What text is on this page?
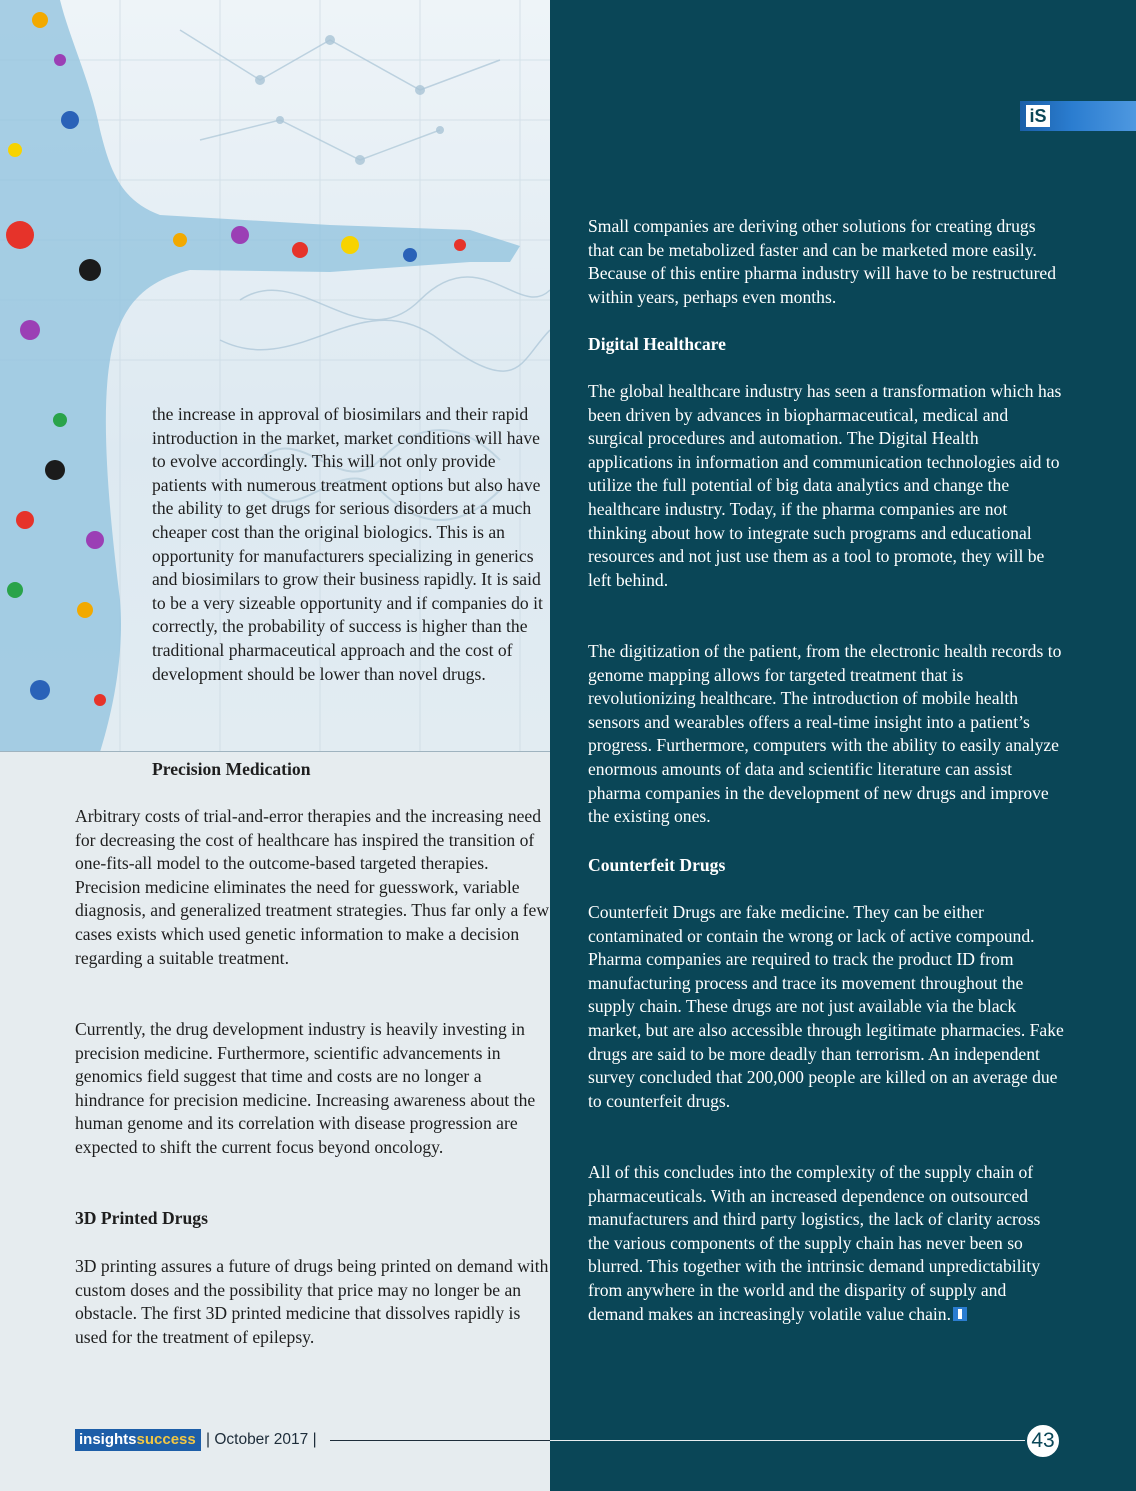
iS

the increase in approval of biosimilars and their rapid introduction in the market, market conditions will have to evolve accordingly. This will not only provide patients with numerous treatment options but also have the ability to get drugs for serious disorders at a much cheaper cost than the original biologics. This is an opportunity for manufacturers specializing in generics and biosimilars to grow their business rapidly. It is said to be a very sizeable opportunity and if companies do it correctly, the probability of success is higher than the traditional pharmaceutical approach and the cost of development should be lower than novel drugs.

Precision Medication

Arbitrary costs of trial-and-error therapies and the increasing need for decreasing the cost of healthcare has inspired the transition of one-fits-all model to the outcome-based targeted therapies. Precision medicine eliminates the need for guesswork, variable diagnosis, and generalized treatment strategies. Thus far only a few cases exists which used genetic information to make a decision regarding a suitable treatment.

Currently, the drug development industry is heavily investing in precision medicine. Furthermore, scientific advancements in genomics field suggest that time and costs are no longer a hindrance for precision medicine. Increasing awareness about the human genome and its correlation with disease progression are expected to shift the current focus beyond oncology.

3D Printed Drugs

3D printing assures a future of drugs being printed on demand with custom doses and the possibility that price may no longer be an obstacle. The first 3D printed medicine that dissolves rapidly is used for the treatment of epilepsy.

Small companies are deriving other solutions for creating drugs that can be metabolized faster and can be marketed more easily. Because of this entire pharma industry will have to be restructured within years, perhaps even months.

Digital Healthcare

The global healthcare industry has seen a transformation which has been driven by advances in biopharmaceutical, medical and surgical procedures and automation. The Digital Health applications in information and communication technologies aid to utilize the full potential of big data analytics and change the healthcare industry. Today, if the pharma companies are not thinking about how to integrate such programs and educational resources and not just use them as a tool to promote, they will be left behind.

The digitization of the patient, from the electronic health records to genome mapping allows for targeted treatment that is revolutionizing healthcare. The introduction of mobile health sensors and wearables offers a real-time insight into a patient’s progress. Furthermore, computers with the ability to easily analyze enormous amounts of data and scientific literature can assist pharma companies in the development of new drugs and improve the existing ones.

Counterfeit Drugs

Counterfeit Drugs are fake medicine. They can be either contaminated or contain the wrong or lack of active compound. Pharma companies are required to track the product ID from manufacturing process and trace its movement throughout the supply chain. These drugs are not just available via the black market, but are also accessible through legitimate pharmacies. Fake drugs are said to be more deadly than terrorism. An independent survey concluded that 200,000 people are killed on an average due to counterfeit drugs.

All of this concludes into the complexity of the supply chain of pharmaceuticals. With an increased dependence on outsourced manufacturers and third party logistics, the lack of clarity across the various components of the supply chain has never been so blurred. This together with the intrinsic demand unpredictability from anywhere in the world and the disparity of supply and demand makes an increasingly volatile value chain.

insightssuccess | October 2017 |	43
